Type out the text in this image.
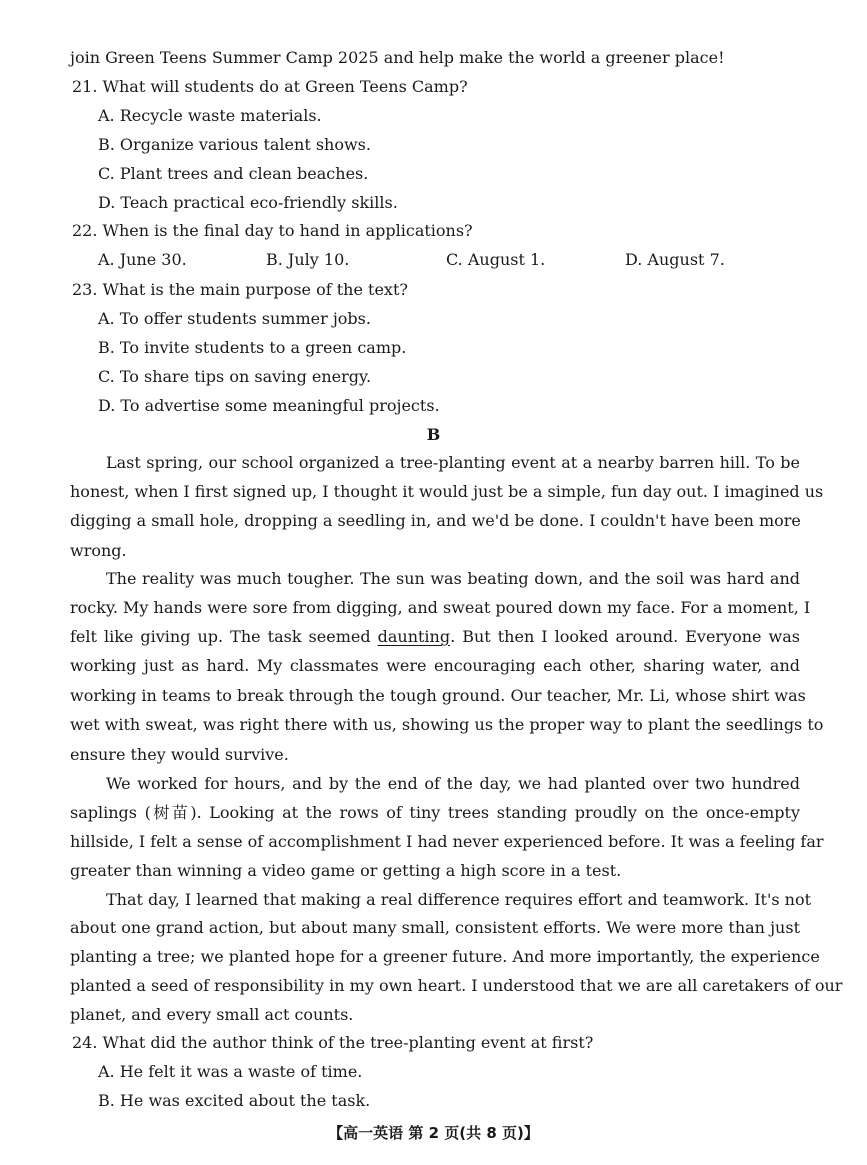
join Green Teens Summer Camp 2025 and help make the world a greener place!
21. What will students do at Green Teens Camp?
A. Recycle waste materials.
B. Organize various talent shows.
C. Plant trees and clean beaches.
D. Teach practical eco-friendly skills.
22. When is the final day to hand in applications?
A. June 30.	B. July 10.	C. August 1.	D. August 7.
23. What is the main purpose of the text?
A. To offer students summer jobs.
B. To invite students to a green camp.
C. To share tips on saving energy.
D. To advertise some meaningful projects.
B
Last spring, our school organized a tree-planting event at a nearby barren hill. To be
honest, when I first signed up, I thought it would just be a simple, fun day out. I imagined us
digging a small hole, dropping a seedling in, and we'd be done. I couldn't have been more
wrong.
The reality was much tougher. The sun was beating down, and the soil was hard and
rocky. My hands were sore from digging, and sweat poured down my face. For a moment, I
felt like giving up. The task seemed daunting. But then I looked around. Everyone was
working just as hard. My classmates were encouraging each other, sharing water, and
working in teams to break through the tough ground. Our teacher, Mr. Li, whose shirt was
wet with sweat, was right there with us, showing us the proper way to plant the seedlings to
ensure they would survive.
We worked for hours, and by the end of the day, we had planted over two hundred
saplings (树苗). Looking at the rows of tiny trees standing proudly on the once-empty
hillside, I felt a sense of accomplishment I had never experienced before. It was a feeling far
greater than winning a video game or getting a high score in a test.
That day, I learned that making a real difference requires effort and teamwork. It's not
about one grand action, but about many small, consistent efforts. We were more than just
planting a tree; we planted hope for a greener future. And more importantly, the experience
planted a seed of responsibility in my own heart. I understood that we are all caretakers of our
planet, and every small act counts.
24. What did the author think of the tree-planting event at first?
A. He felt it was a waste of time.
B. He was excited about the task.
【高一英语 第 2 页(共 8 页)】
